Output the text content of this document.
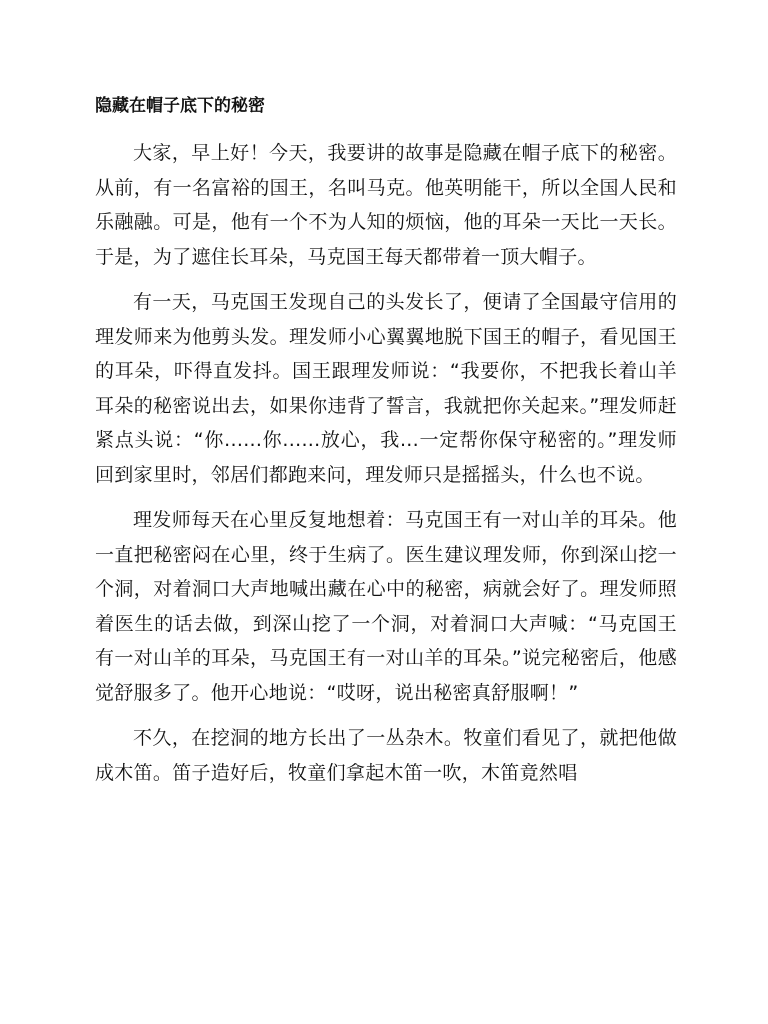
隐藏在帽子底下的秘密

大家，早上好！今天，我要讲的故事是隐藏在帽子底下的秘密。从前，有一名富裕的国王，名叫马克。他英明能干，所以全国人民和乐融融。可是，他有一个不为人知的烦恼，他的耳朵一天比一天长。于是，为了遮住长耳朵，马克国王每天都带着一顶大帽子。

有一天，马克国王发现自己的头发长了，便请了全国最守信用的理发师来为他剪头发。理发师小心翼翼地脱下国王的帽子，看见国王的耳朵，吓得直发抖。国王跟理发师说：“我要你，不把我长着山羊耳朵的秘密说出去，如果你违背了誓言，我就把你关起来。”理发师赶紧点头说：“你......你......放心，我...一定帮你保守秘密的。”理发师回到家里时，邻居们都跑来问，理发师只是摇摇头，什么也不说。

理发师每天在心里反复地想着：马克国王有一对山羊的耳朵。他一直把秘密闷在心里，终于生病了。医生建议理发师，你到深山挖一个洞，对着洞口大声地喊出藏在心中的秘密，病就会好了。理发师照着医生的话去做，到深山挖了一个洞，对着洞口大声喊：“马克国王有一对山羊的耳朵，马克国王有一对山羊的耳朵。”说完秘密后，他感觉舒服多了。他开心地说：“哎呀，说出秘密真舒服啊！”

不久，在挖洞的地方长出了一丛杂木。牧童们看见了，就把他做成木笛。笛子造好后，牧童们拿起木笛一吹，木笛竟然唱
